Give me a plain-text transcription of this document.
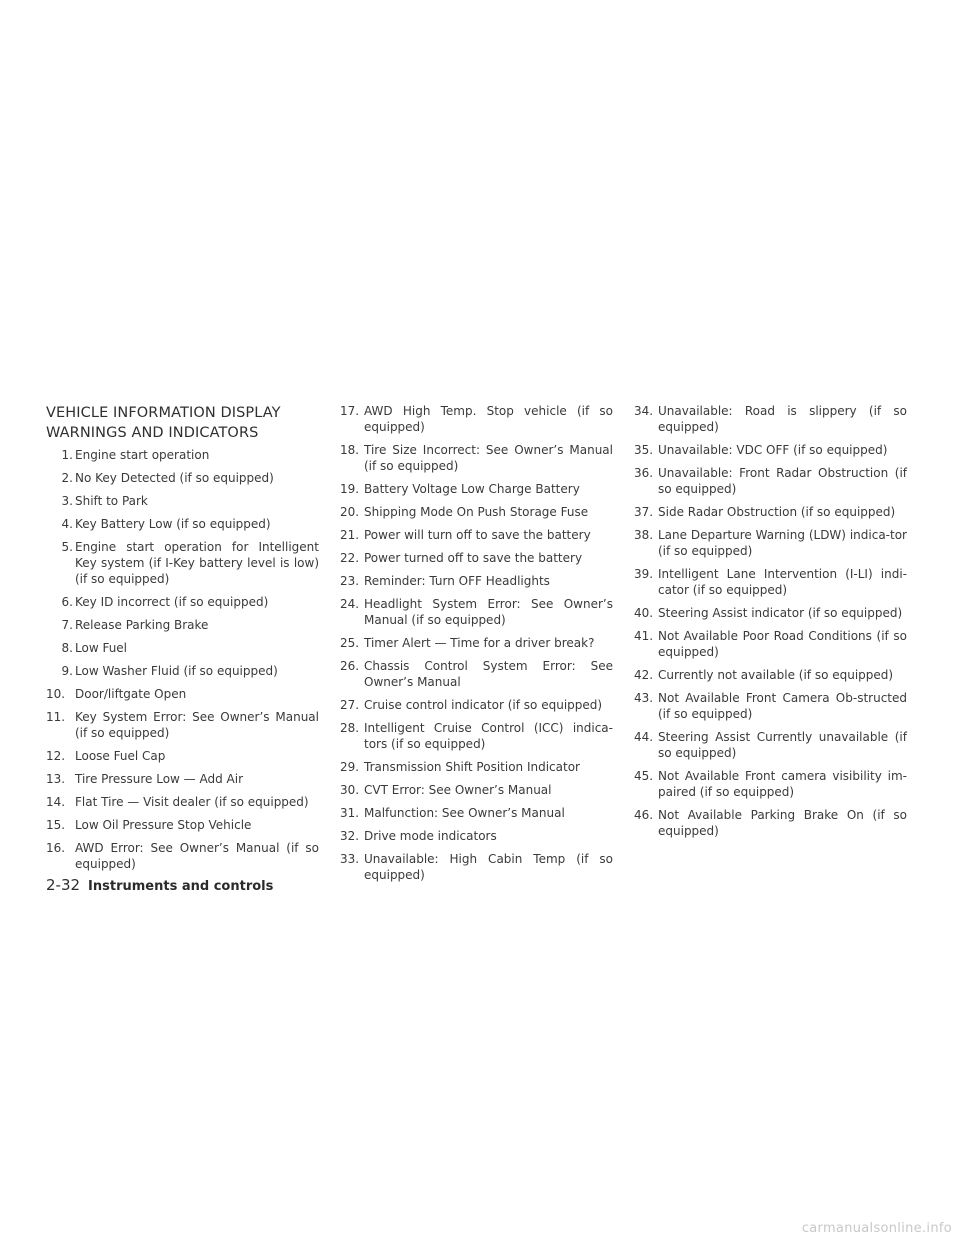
VEHICLE INFORMATION DISPLAY
WARNINGS AND INDICATORS
1. Engine start operation
2. No Key Detected (if so equipped)
3. Shift to Park
4. Key Battery Low (if so equipped)
5. Engine start operation for Intelligent Key system (if I-Key battery level is low) (if so equipped)
6. Key ID incorrect (if so equipped)
7. Release Parking Brake
8. Low Fuel
9. Low Washer Fluid (if so equipped)
10. Door/liftgate Open
11. Key System Error: See Owner’s Manual (if so equipped)
12. Loose Fuel Cap
13. Tire Pressure Low — Add Air
14. Flat Tire — Visit dealer (if so equipped)
15. Low Oil Pressure Stop Vehicle
16. AWD Error: See Owner’s Manual (if so equipped)
17. AWD High Temp. Stop vehicle (if so equipped)
18. Tire Size Incorrect: See Owner’s Manual (if so equipped)
19. Battery Voltage Low Charge Battery
20. Shipping Mode On Push Storage Fuse
21. Power will turn off to save the battery
22. Power turned off to save the battery
23. Reminder: Turn OFF Headlights
24. Headlight System Error: See Owner’s Manual (if so equipped)
25. Timer Alert — Time for a driver break?
26. Chassis Control System Error: See Owner’s Manual
27. Cruise control indicator (if so equipped)
28. Intelligent Cruise Control (ICC) indica-tors (if so equipped)
29. Transmission Shift Position Indicator
30. CVT Error: See Owner’s Manual
31. Malfunction: See Owner’s Manual
32. Drive mode indicators
33. Unavailable: High Cabin Temp (if so equipped)
34. Unavailable: Road is slippery (if so equipped)
35. Unavailable: VDC OFF (if so equipped)
36. Unavailable: Front Radar Obstruction (if so equipped)
37. Side Radar Obstruction (if so equipped)
38. Lane Departure Warning (LDW) indica-tor (if so equipped)
39. Intelligent Lane Intervention (I-LI) indi-cator (if so equipped)
40. Steering Assist indicator (if so equipped)
41. Not Available Poor Road Conditions (if so equipped)
42. Currently not available (if so equipped)
43. Not Available Front Camera Ob-structed (if so equipped)
44. Steering Assist Currently unavailable (if so equipped)
45. Not Available Front camera visibility im-paired (if so equipped)
46. Not Available Parking Brake On (if so equipped)
2-32 Instruments and controls
carmanualsonline.info
